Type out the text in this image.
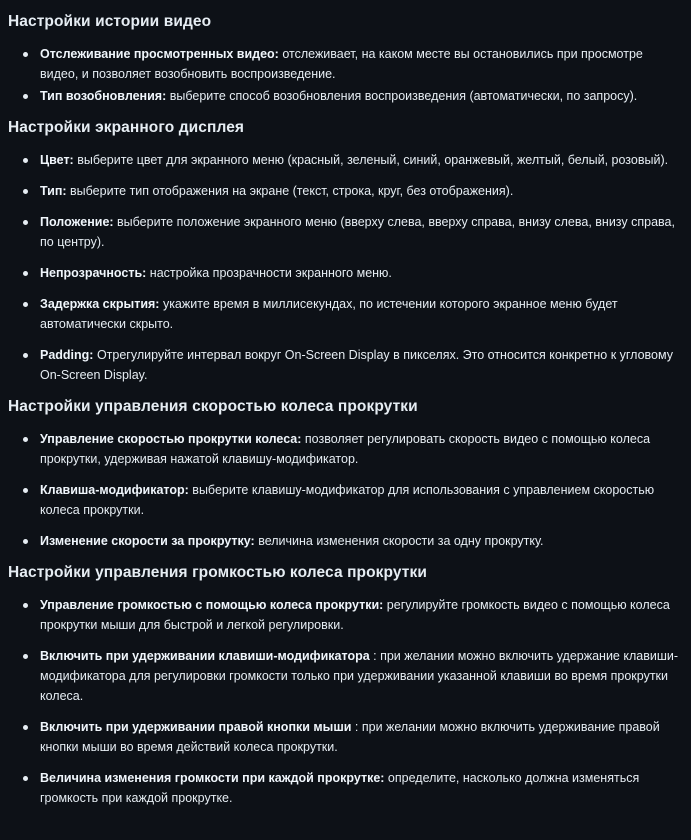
Настройки истории видео
Отслеживание просмотренных видео: отслеживает, на каком месте вы остановились при просмотре видео, и позволяет возобновить воспроизведение.
Тип возобновления: выберите способ возобновления воспроизведения (автоматически, по запросу).
Настройки экранного дисплея
Цвет: выберите цвет для экранного меню (красный, зеленый, синий, оранжевый, желтый, белый, розовый).
Тип: выберите тип отображения на экране (текст, строка, круг, без отображения).
Положение: выберите положение экранного меню (вверху слева, вверху справа, внизу слева, внизу справа, по центру).
Непрозрачность: настройка прозрачности экранного меню.
Задержка скрытия: укажите время в миллисекундах, по истечении которого экранное меню будет автоматически скрыто.
Padding: Отрегулируйте интервал вокруг On-Screen Display в пикселях. Это относится конкретно к угловому On-Screen Display.
Настройки управления скоростью колеса прокрутки
Управление скоростью прокрутки колеса: позволяет регулировать скорость видео с помощью колеса прокрутки, удерживая нажатой клавишу-модификатор.
Клавиша-модификатор: выберите клавишу-модификатор для использования с управлением скоростью колеса прокрутки.
Изменение скорости за прокрутку: величина изменения скорости за одну прокрутку.
Настройки управления громкостью колеса прокрутки
Управление громкостью с помощью колеса прокрутки: регулируйте громкость видео с помощью колеса прокрутки мыши для быстрой и легкой регулировки.
Включить при удерживании клавиши-модификатора : при желании можно включить удержание клавиши-модификатора для регулировки громкости только при удерживании указанной клавиши во время прокрутки колеса.
Включить при удерживании правой кнопки мыши : при желании можно включить удерживание правой кнопки мыши во время действий колеса прокрутки.
Величина изменения громкости при каждой прокрутке: определите, насколько должна изменяться громкость при каждой прокрутке.
